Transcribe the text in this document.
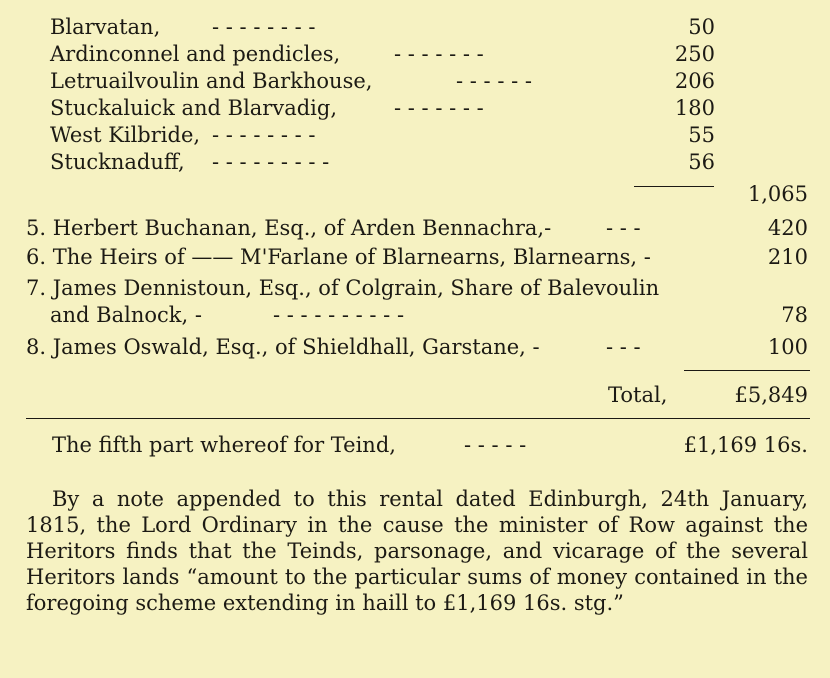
Blarvatan, - - - - - - - -	50
Ardinconnel and pendicles,	- - - - - - -	250
Letruailvoulin and Barkhouse,	- - - - - -	206
Stuckaluick and Blarvadig,	- - - - - - -	180
West Kilbride, - - - - - - - -	55
Stucknaduff, - - - - - - - - -	56
1,065
5. Herbert Buchanan, Esq., of Arden Bennachra,-	- - -	420
6. The Heirs of —— M'Farlane of Blarnearns, Blarnearns, -	210
7. James Dennistoun, Esq., of Colgrain, Share of Balevoulin
and Balnock, -	- - - - - - - - - -	78
8. James Oswald, Esq., of Shieldhall, Garstane, -	- - -	100
Total,	£5,849
The fifth part whereof for Teind,	- - - - -	£1,169 16s.
By a note appended to this rental dated Edinburgh, 24th January, 1815, the Lord Ordinary in the cause the minister of Row against the Heritors finds that the Teinds, parsonage, and vicarage of the several Heritors lands “amount to the particular sums of money contained in the foregoing scheme extending in haill to £1,169 16s. stg.”
